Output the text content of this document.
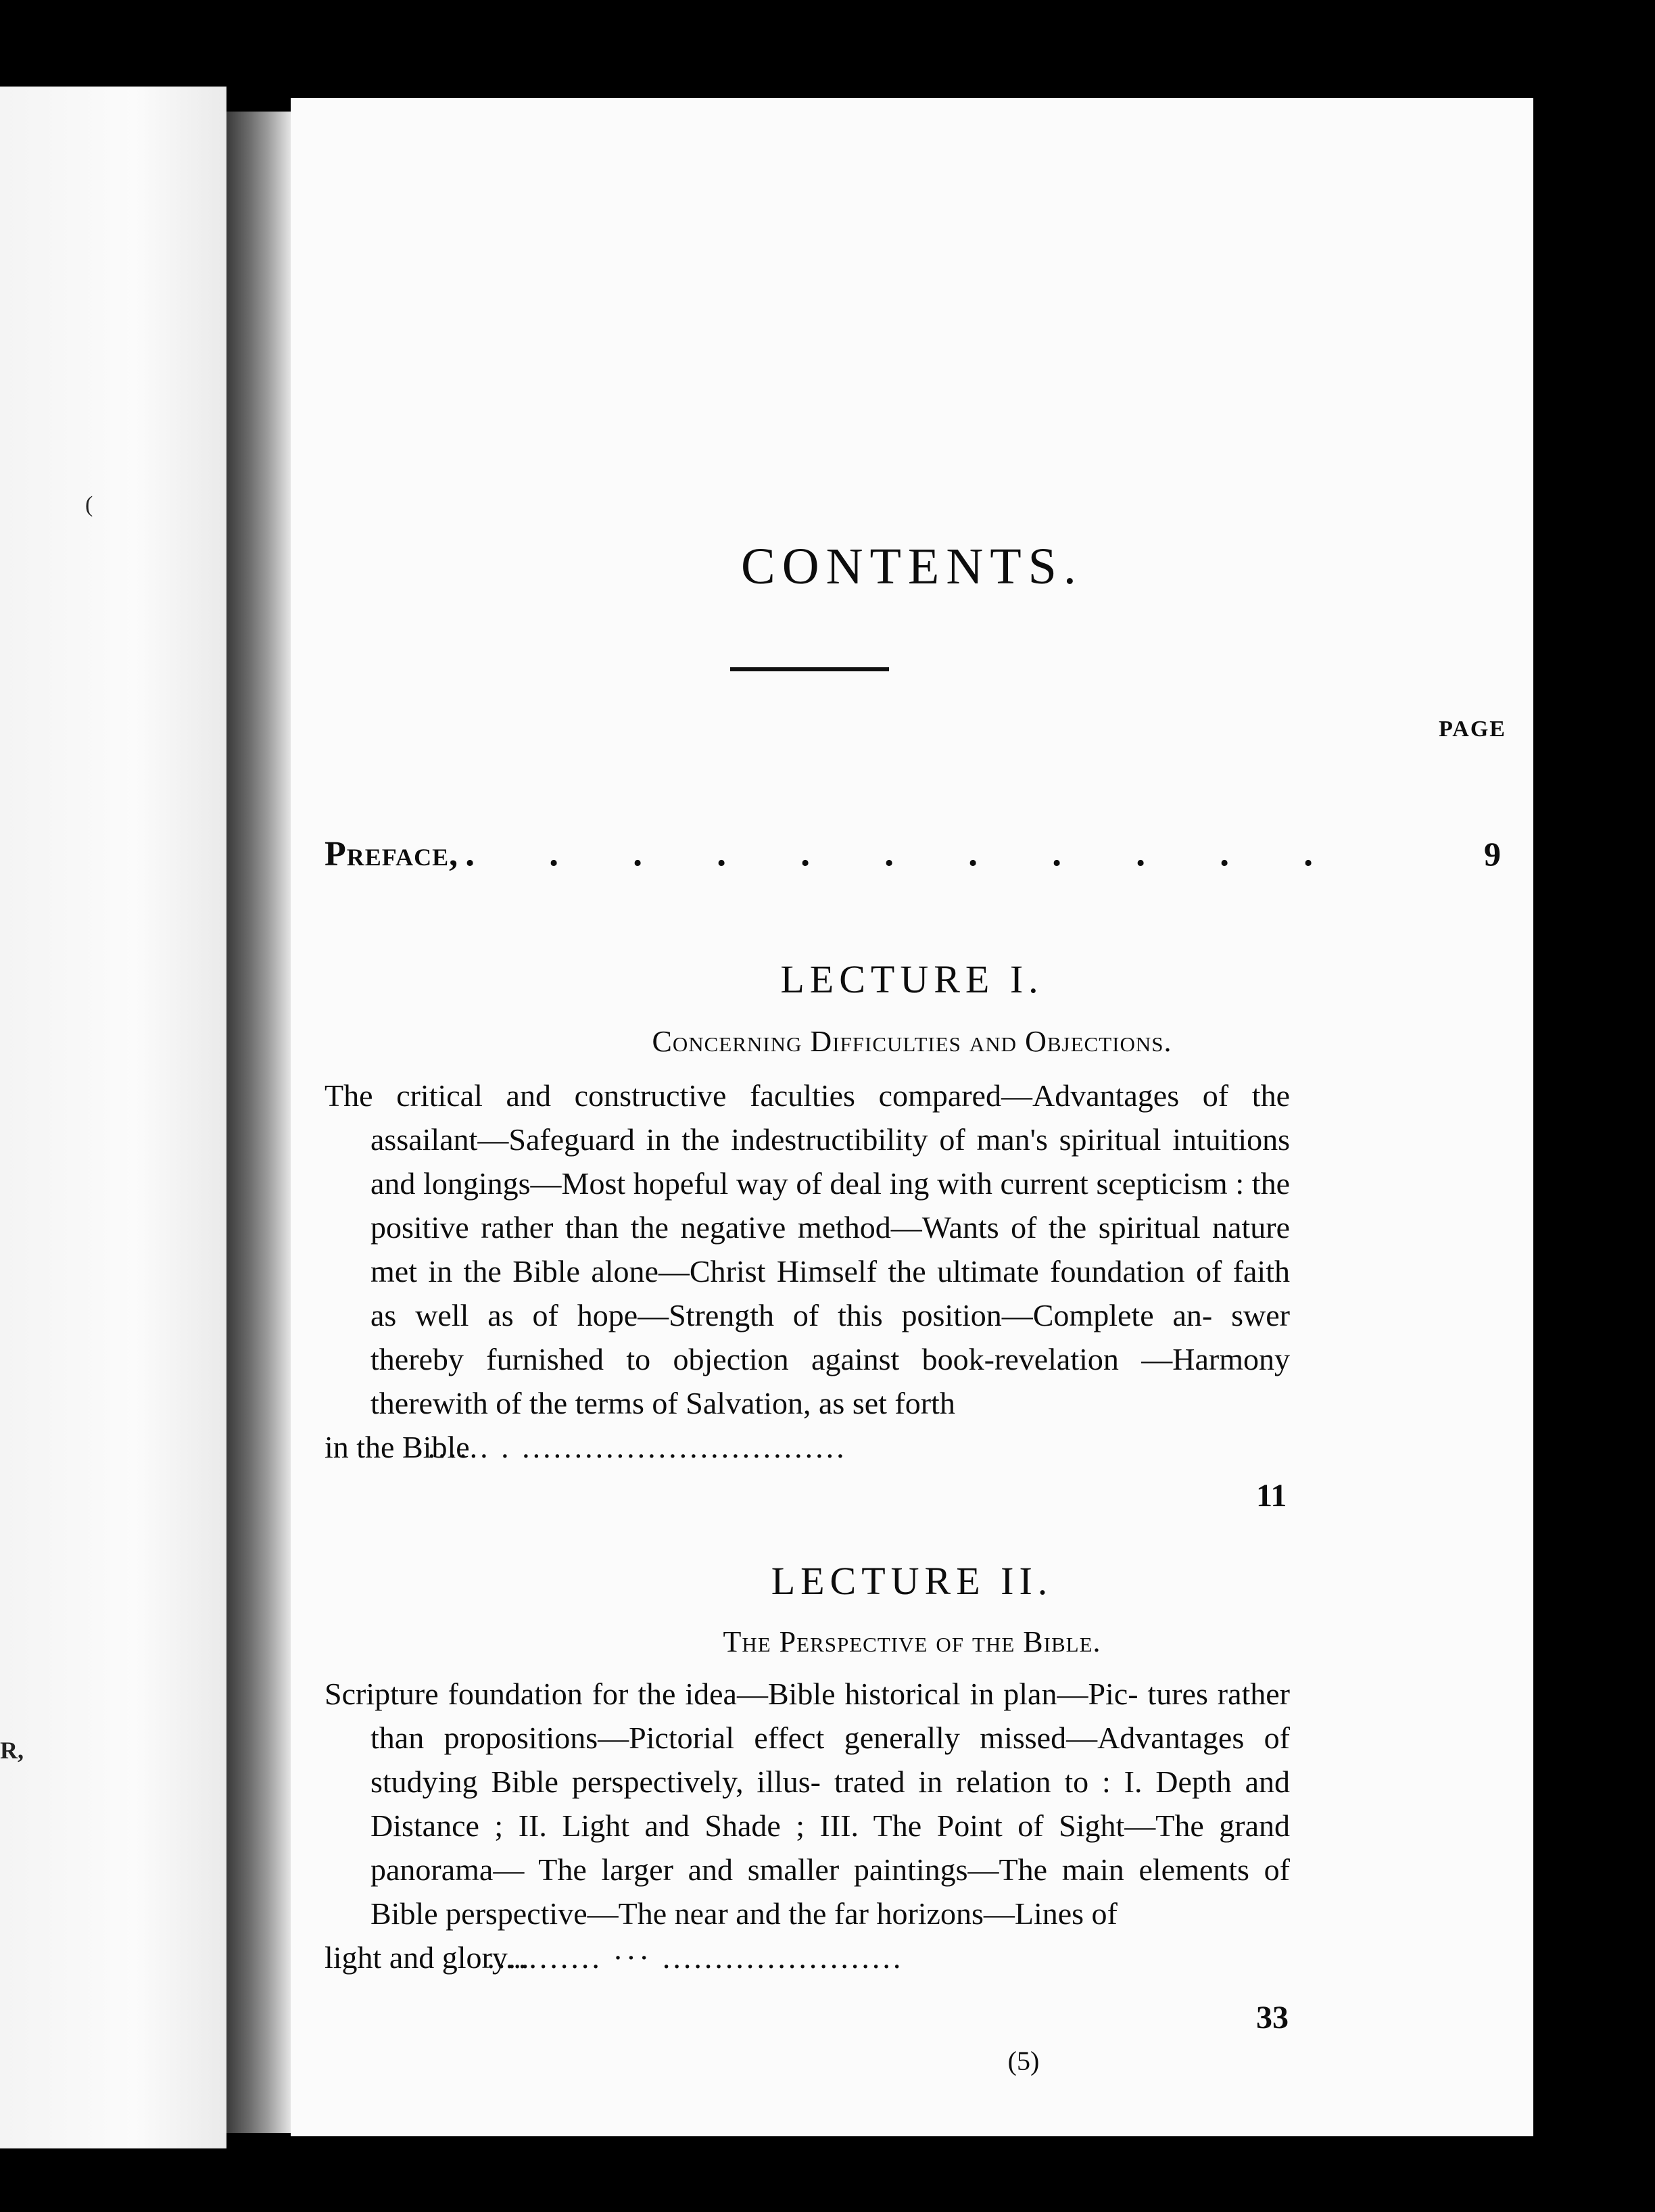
(
R,
CONTENTS.
PAGE
Preface, . . . . . . . . . . .	9
LECTURE I.
Concerning Difficulties and Objections.
The critical and constructive faculties compared—Advantages of the assailant—Safeguard in the indestructibility of man's spiritual intuitions and longings—Most hopeful way of deal ing with current scepticism : the positive rather than the negative method—Wants of the spiritual nature met in the Bible alone—Christ Himself the ultimate foundation of faith as well as of hope—Strength of this position—Complete an- swer thereby furnished to objection against book-revelation —Harmony therewith of the terms of Salvation, as set forth
in the Bible
...... . ...............................
11
LECTURE II.
The Perspective of the Bible.
Scripture foundation for the idea—Bible historical in plan—Pic- tures rather than propositions—Pictorial effect generally missed—Advantages of studying Bible perspectively, illus- trated in relation to : I. Depth and Distance ; II. Light and Shade ; III. The Point of Sight—The grand panorama— The larger and smaller paintings—The main elements of Bible perspective—The near and the far horizons—Lines of
light and glory...
........... ··· .......................
33
(5)
